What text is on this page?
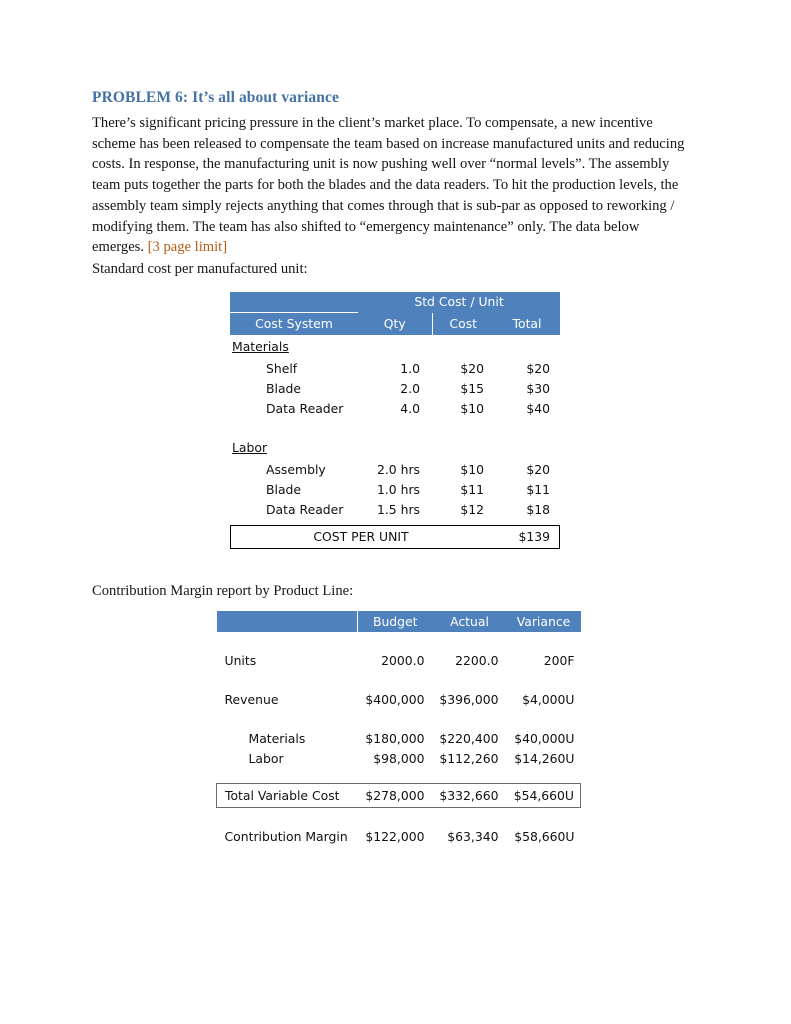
PROBLEM 6: It’s all about variance
There’s significant pricing pressure in the client’s market place. To compensate, a new incentive scheme has been released to compensate the team based on increase manufactured units and reducing costs. In response, the manufacturing unit is now pushing well over “normal levels”. The assembly team puts together the parts for both the blades and the data readers. To hit the production levels, the assembly team simply rejects anything that comes through that is sub-par as opposed to reworking / modifying them. The team has also shifted to “emergency maintenance” only. The data below emerges. [3 page limit]
Standard cost per manufactured unit:
	Std Cost / Unit		
Cost System	Qty	Cost	Total
Materials			
Shelf	1.0	$20	$20
Blade	2.0	$15	$30
Data Reader	4.0	$10	$40

Labor			
Assembly	2.0 hrs	$10	$20
Blade	1.0 hrs	$11	$11
Data Reader	1.5 hrs	$12	$18
COST PER UNIT	$139
Contribution Margin report by Product Line:
	Budget	Actual	Variance

Units	2000.0	2200.0	200F

Revenue	$400,000	$396,000	$4,000U

Materials	$180,000	$220,400	$40,000U
Labor	$98,000	$112,260	$14,260U

Total Variable Cost	$278,000	$332,660	$54,660U

Contribution Margin	$122,000	$63,340	$58,660U
